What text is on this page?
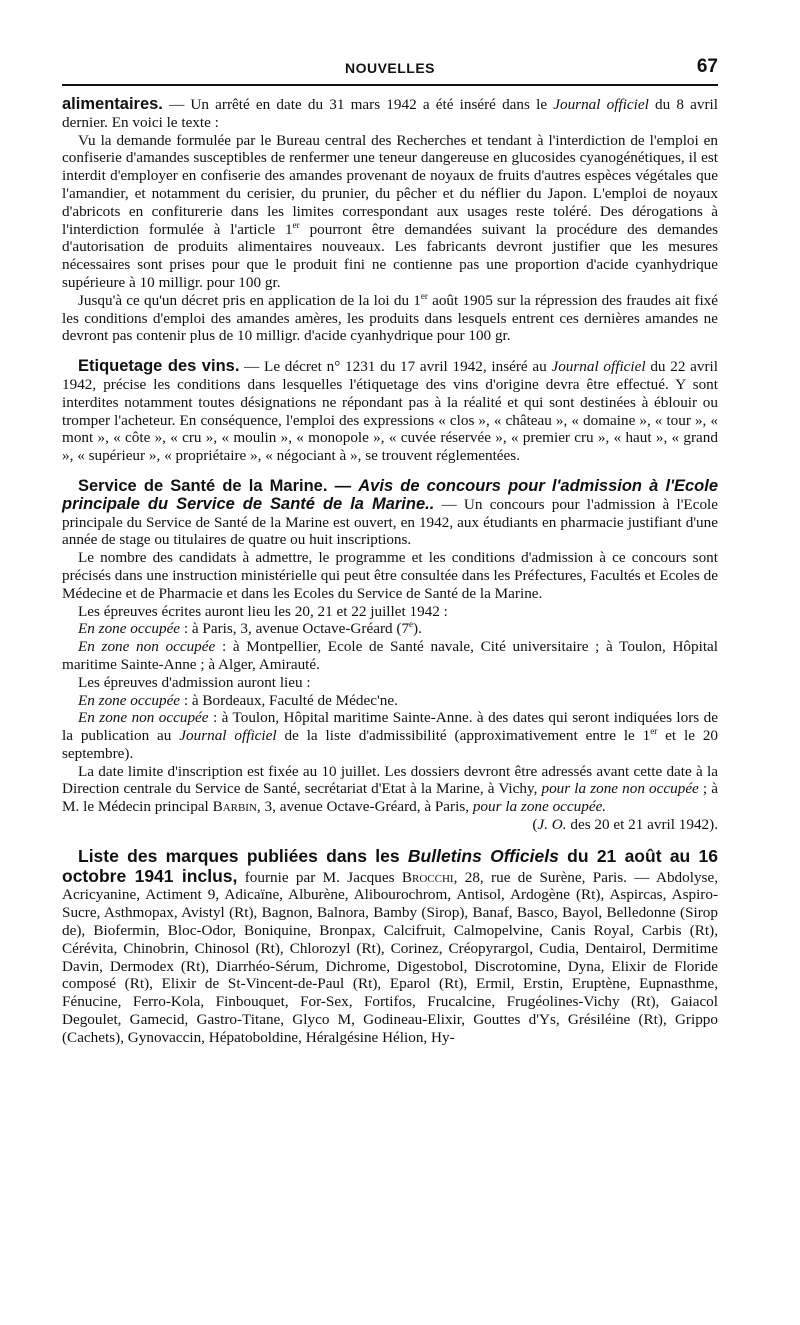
NOUVELLES	67

alimentaires. — Un arrêté en date du 31 mars 1942 a été inséré dans le Journal officiel du 8 avril dernier. En voici le texte :

Vu la demande formulée par le Bureau central des Recherches et tendant à l'interdiction de l'emploi en confiserie d'amandes susceptibles de renfermer une teneur dangereuse en glucosides cyanogénétiques, il est interdit d'employer en confiserie des amandes provenant de noyaux de fruits d'autres espèces végétales que l'amandier, et notamment du cerisier, du prunier, du pêcher et du néflier du Japon. L'emploi de noyaux d'abricots en confiturerie dans les limites correspondant aux usages reste toléré. Des dérogations à l'interdiction formulée à l'article 1er pourront être demandées suivant la procédure des demandes d'autorisation de produits alimentaires nouveaux. Les fabricants devront justifier que les mesures nécessaires sont prises pour que le produit fini ne contienne pas une proportion d'acide cyanhydrique supérieure à 10 milligr. pour 100 gr.

Jusqu'à ce qu'un décret pris en application de la loi du 1er août 1905 sur la répression des fraudes ait fixé les conditions d'emploi des amandes amères, les produits dans lesquels entrent ces dernières amandes ne devront pas contenir plus de 10 milligr. d'acide cyanhydrique pour 100 gr.

Etiquetage des vins. — Le décret n° 1231 du 17 avril 1942, inséré au Journal officiel du 22 avril 1942, précise les conditions dans lesquelles l'étiquetage des vins d'origine devra être effectué. Y sont interdites notamment toutes désignations ne répondant pas à la réalité et qui sont destinées à éblouir ou tromper l'acheteur. En conséquence, l'emploi des expressions « clos », « château », « domaine », « tour », « mont », « côte », « cru », « moulin », « monopole », « cuvée réservée », « premier cru », « haut », « grand », « supérieur », « propriétaire », « négociant à », se trouvent réglementées.

Service de Santé de la Marine. — Avis de concours pour l'admission à l'Ecole principale du Service de Santé de la Marine.. — Un concours pour l'admission à l'Ecole principale du Service de Santé de la Marine est ouvert, en 1942, aux étudiants en pharmacie justifiant d'une année de stage ou titulaires de quatre ou huit inscriptions.

Le nombre des candidats à admettre, le programme et les conditions d'admission à ce concours sont précisés dans une instruction ministérielle qui peut être consultée dans les Préfectures, Facultés et Ecoles de Médecine et de Pharmacie et dans les Ecoles du Service de Santé de la Marine.

Les épreuves écrites auront lieu les 20, 21 et 22 juillet 1942 :

En zone occupée : à Paris, 3, avenue Octave-Gréard (7e).

En zone non occupée : à Montpellier, Ecole de Santé navale, Cité universitaire ; à Toulon, Hôpital maritime Sainte-Anne ; à Alger, Amirauté.

Les épreuves d'admission auront lieu :

En zone occupée : à Bordeaux, Faculté de Médec'ne.

En zone non occupée : à Toulon, Hôpital maritime Sainte-Anne. à des dates qui seront indiquées lors de la publication au Journal officiel de la liste d'admissibilité (approximativement entre le 1er et le 20 septembre).

La date limite d'inscription est fixée au 10 juillet. Les dossiers devront être adressés avant cette date à la Direction centrale du Service de Santé, secrétariat d'Etat à la Marine, à Vichy, pour la zone non occupée ; à M. le Médecin principal Barbin, 3, avenue Octave-Gréard, à Paris, pour la zone occupée.

(J. O. des 20 et 21 avril 1942).

Liste des marques publiées dans les Bulletins Officiels du 21 août au 16 octobre 1941 inclus, fournie par M. Jacques Brocchi, 28, rue de Surène, Paris. — Abdolyse, Acricyanine, Actiment 9, Adicaïne, Alburène, Alibourochrom, Antisol, Ardogène (Rt), Aspircas, Aspiro-Sucre, Asthmopax, Avistyl (Rt), Bagnon, Balnora, Bamby (Sirop), Banaf, Basco, Bayol, Belledonne (Sirop de), Biofermin, Bloc-Odor, Boniquine, Bronpax, Calcifruit, Calmopelvine, Canis Royal, Carbis (Rt), Cérévita, Chinobrin, Chinosol (Rt), Chlorozyl (Rt), Corinez, Créopyrargol, Cudia, Dentairol, Dermitime Davin, Dermodex (Rt), Diarrhéo-Sérum, Dichrome, Digestobol, Discrotomine, Dyna, Elixir de Floride composé (Rt), Elixir de St-Vincent-de-Paul (Rt), Eparol (Rt), Ermil, Erstin, Eruptène, Eupnasthme, Fénucine, Ferro-Kola, Finbouquet, For-Sex, Fortifos, Frucalcine, Frugéolines-Vichy (Rt), Gaiacol Degoulet, Gamecid, Gastro-Titane, Glyco M, Godineau-Elixir, Gouttes d'Ys, Grésiléine (Rt), Grippo (Cachets), Gynovaccin, Hépatoboldine, Héralgésine Hélion, Hy-
